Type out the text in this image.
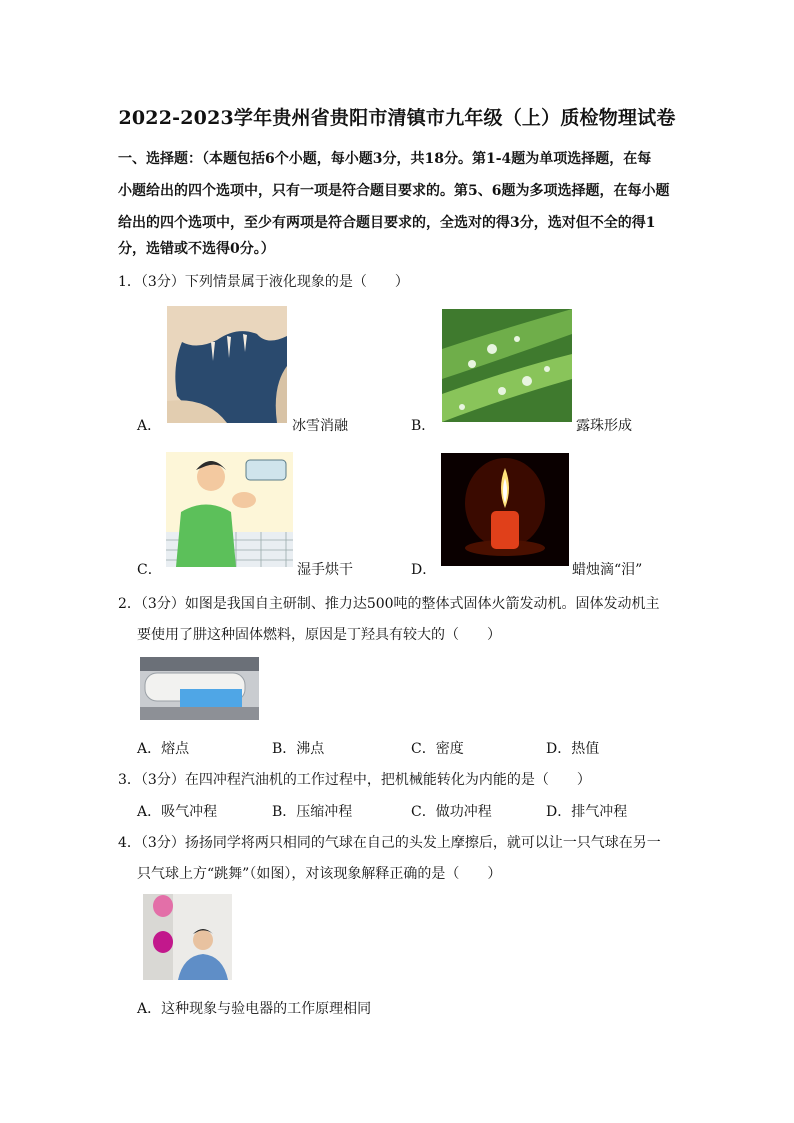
2022-2023学年贵州省贵阳市清镇市九年级（上）质检物理试卷
一、选择题：（本题包括6个小题，每小题3分，共18分。第1-4题为单项选择题，在每
小题给出的四个选项中，只有一项是符合题目要求的。第5、6题为多项选择题，在每小题
给出的四个选项中，至少有两项是符合题目要求的，全选对的得3分，选对但不全的得1
分，选错或不选得0分。）
1．（3分）下列情景属于液化现象的是（　　）
A．	冰雪消融	B．	露珠形成
C．	湿手烘干	D．	蜡烛滴“泪”
2．（3分）如图是我国自主研制、推力达500吨的整体式固体火箭发动机。固体发动机主
要使用了肼这种固体燃料，原因是丁羟具有较大的（　　）
A．熔点	B．沸点	C．密度	D．热值
3．（3分）在四冲程汽油机的工作过程中，把机械能转化为内能的是（　　）
A．吸气冲程	B．压缩冲程	C．做功冲程	D．排气冲程
4．（3分）扬扬同学将两只相同的气球在自己的头发上摩擦后，就可以让一只气球在另一
只气球上方“跳舞”（如图），对该现象解释正确的是（　　）
A．这种现象与验电器的工作原理相同
